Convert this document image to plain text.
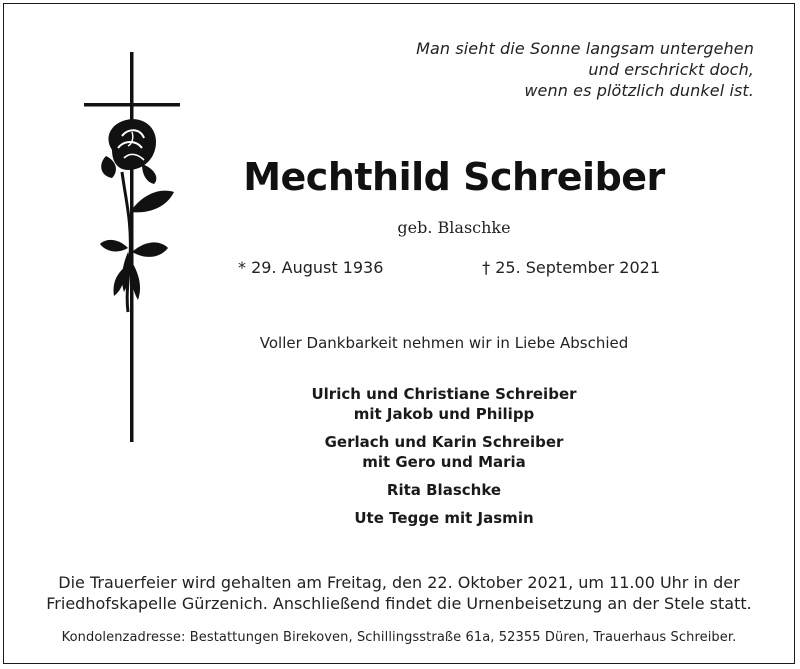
Man sieht die Sonne langsam untergehen
und erschrickt doch,
wenn es plötzlich dunkel ist.
Mechthild Schreiber
geb. Blaschke
* 29. August 1936	† 25. September 2021
Voller Dankbarkeit nehmen wir in Liebe Abschied
Ulrich und Christiane Schreiber
mit Jakob und Philipp
Gerlach und Karin Schreiber
mit Gero und Maria
Rita Blaschke
Ute Tegge mit Jasmin
Die Trauerfeier wird gehalten am Freitag, den 22. Oktober 2021, um 11.00 Uhr in der
Friedhofskapelle Gürzenich. Anschließend findet die Urnenbeisetzung an der Stele statt.
Kondolenzadresse: Bestattungen Birekoven, Schillingsstraße 61a, 52355 Düren, Trauerhaus Schreiber.
